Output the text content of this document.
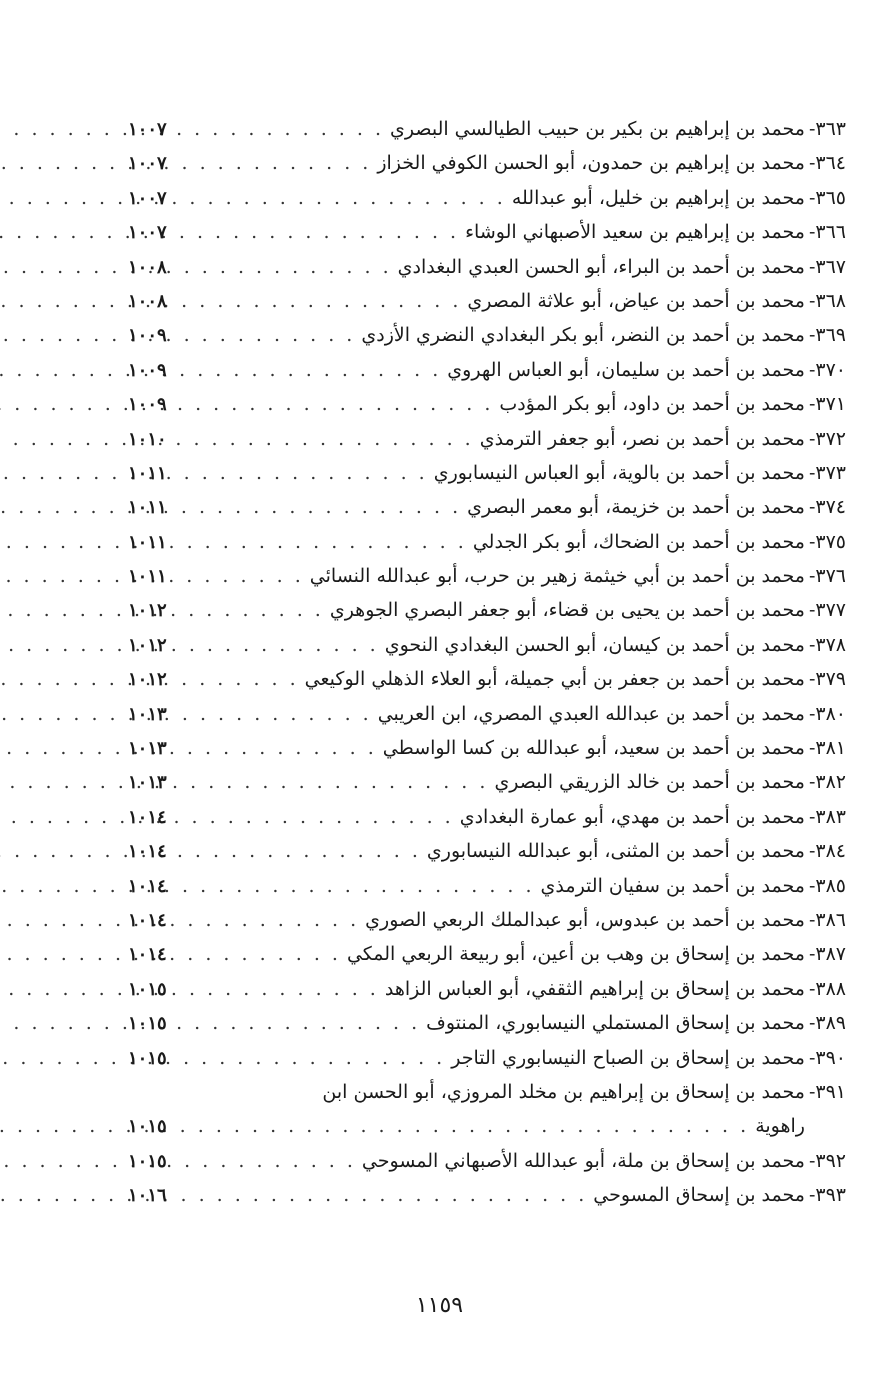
٣٦٣-
محمد بن إبراهيم بن بكير بن حبيب الطيالسي البصري
. . .
١٠٠٧
٣٦٤-
محمد بن إبراهيم بن حمدون، أبو الحسن الكوفي الخزاز
. . .
١٠٠٧
٣٦٥-
محمد بن إبراهيم بن خليل، أبو عبدالله
. . .
١٠٠٧
٣٦٦-
محمد بن إبراهيم بن سعيد الأصبهاني الوشاء
. . .
١٠٠٧
٣٦٧-
محمد بن أحمد بن البراء، أبو الحسن العبدي البغدادي
. . .
١٠٠٨
٣٦٨-
محمد بن أحمد بن عياض، أبو علاثة المصري
. . .
١٠٠٨
٣٦٩-
محمد بن أحمد بن النضر، أبو بكر البغدادي النضري الأزدي
. . .
١٠٠٩
٣٧٠-
محمد بن أحمد بن سليمان، أبو العباس الهروي
. . .
١٠٠٩
٣٧١-
محمد بن أحمد بن داود، أبو بكر المؤدب
. . .
١٠٠٩
٣٧٢-
محمد بن أحمد بن نصر، أبو جعفر الترمذي
. . .
١٠١٠
٣٧٣-
محمد بن أحمد بن بالوية، أبو العباس النيسابوري
. . .
١٠١١
٣٧٤-
محمد بن أحمد بن خزيمة، أبو معمر البصري
. . .
١٠١١
٣٧٥-
محمد بن أحمد بن الضحاك، أبو بكر الجدلي
. . .
١٠١١
٣٧٦-
محمد بن أحمد بن أبي خيثمة زهير بن حرب، أبو عبدالله النسائي
. . .
١٠١١
٣٧٧-
محمد بن أحمد بن يحيى بن قضاء، أبو جعفر البصري الجوهري
. . .
١٠١٢
٣٧٨-
محمد بن أحمد بن كيسان، أبو الحسن البغدادي النحوي
. . .
١٠١٢
٣٧٩-
محمد بن أحمد بن جعفر بن أبي جميلة، أبو العلاء الذهلي الوكيعي
. . .
١٠١٢
٣٨٠-
محمد بن أحمد بن عبدالله العبدي المصري، ابن العريبي
. . .
١٠١٣
٣٨١-
محمد بن أحمد بن سعيد، أبو عبدالله بن كسا الواسطي
. . .
١٠١٣
٣٨٢-
محمد بن أحمد بن خالد الزريقي البصري
. . .
١٠١٣
٣٨٣-
محمد بن أحمد بن مهدي، أبو عمارة البغدادي
. . .
١٠١٤
٣٨٤-
محمد بن أحمد بن المثنى، أبو عبدالله النيسابوري
. . .
١٠١٤
٣٨٥-
محمد بن أحمد بن سفيان الترمذي
. . .
١٠١٤
٣٨٦-
محمد بن أحمد بن عبدوس، أبو عبدالملك الربعي الصوري
. . .
١٠١٤
٣٨٧-
محمد بن إسحاق بن وهب بن أعين، أبو ربيعة الربعي المكي
. . .
١٠١٤
٣٨٨-
محمد بن إسحاق بن إبراهيم الثقفي، أبو العباس الزاهد
. . .
١٠١٥
٣٨٩-
محمد بن إسحاق المستملي النيسابوري، المنتوف
. . .
١٠١٥
٣٩٠-
محمد بن إسحاق بن الصباح النيسابوري التاجر
. . .
١٠١٥
٣٩١-
محمد بن إسحاق بن إبراهيم بن مخلد المروزي، أبو الحسن ابن
راهوية
. . .
١٠١٥
٣٩٢-
محمد بن إسحاق بن ملة، أبو عبدالله الأصبهاني المسوحي
. . .
١٠١٥
٣٩٣-
محمد بن إسحاق المسوحي
. . .
١٠١٦
١١٥٩
